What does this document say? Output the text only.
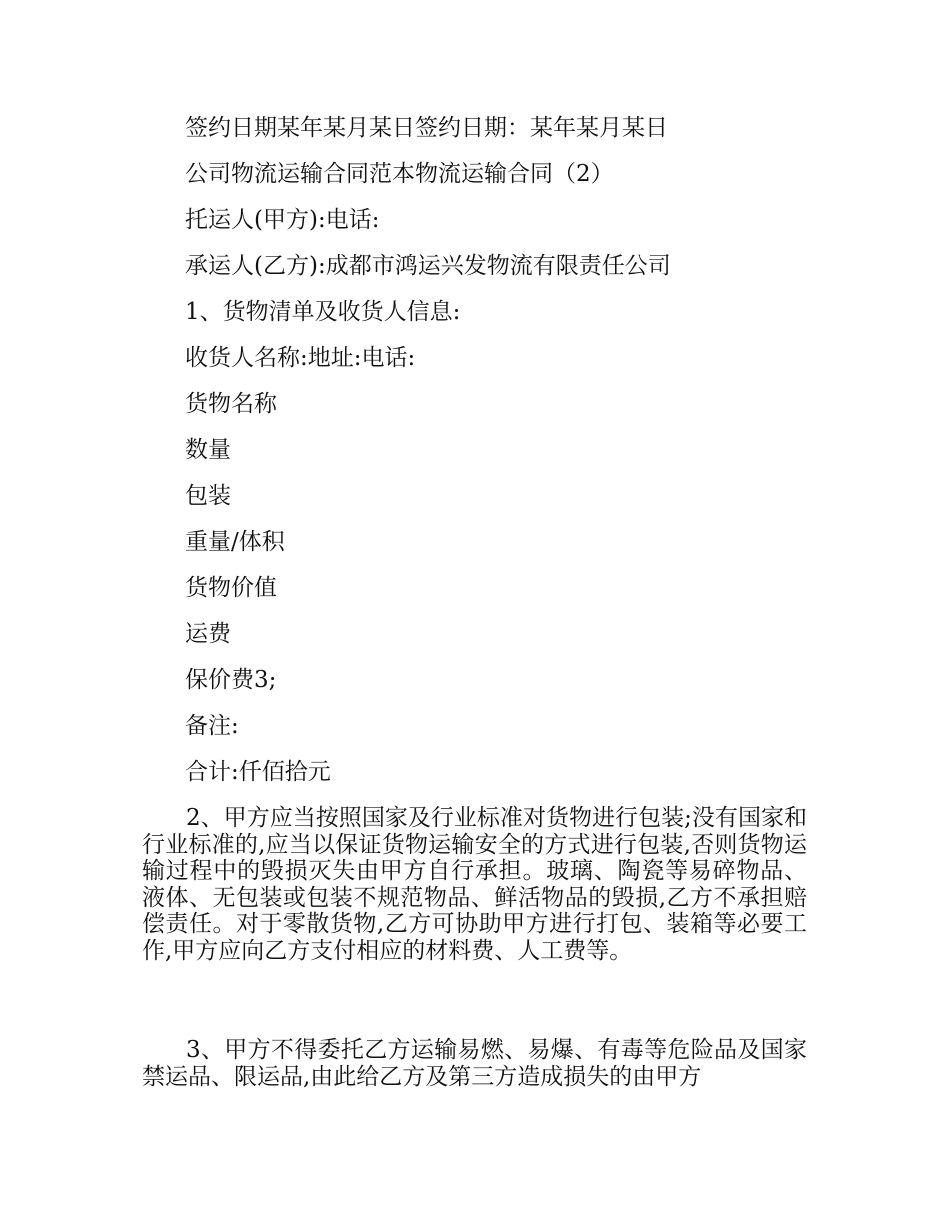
签约日期某年某月某日签约日期：某年某月某日
公司物流运输合同范本物流运输合同（2）
托运人(甲方):电话:
承运人(乙方):成都市鸿运兴发物流有限责任公司
1、货物清单及收货人信息:
收货人名称:地址:电话:
货物名称
数量
包装
重量/体积
货物价值
运费
保价费3;
备注:
合计:仟佰拾元

2、甲方应当按照国家及行业标准对货物进行包装;没有国家和行业标准的,应当以保证货物运输安全的方式进行包装,否则货物运输过程中的毁损灭失由甲方自行承担。玻璃、陶瓷等易碎物品、液体、无包装或包装不规范物品、鲜活物品的毁损,乙方不承担赔偿责任。对于零散货物,乙方可协助甲方进行打包、装箱等必要工作,甲方应向乙方支付相应的材料费、人工费等。

3、甲方不得委托乙方运输易燃、易爆、有毒等危险品及国家禁运品、限运品,由此给乙方及第三方造成损失的由甲方
